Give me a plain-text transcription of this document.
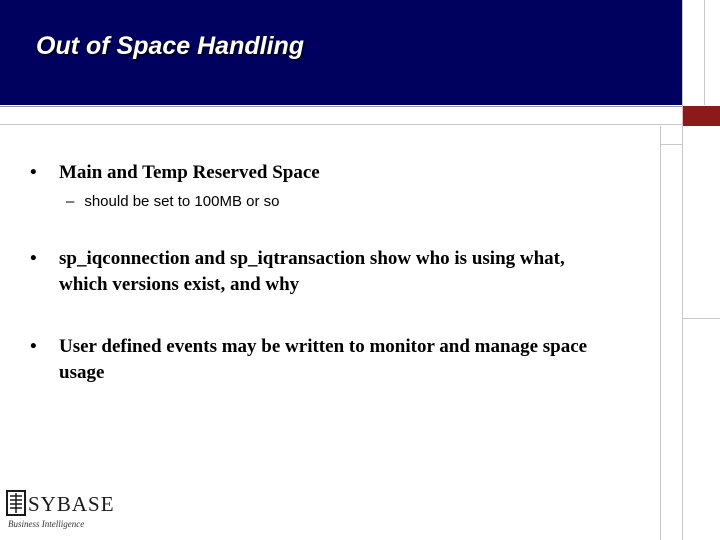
Out of Space Handling
•	Main and Temp Reserved Space
– should be set to 100MB or so
•	sp_iqconnection and sp_iqtransaction show who is using what, which versions exist, and why
•	User defined events may be written to monitor and manage space usage
SYBASE
Business Intelligence
